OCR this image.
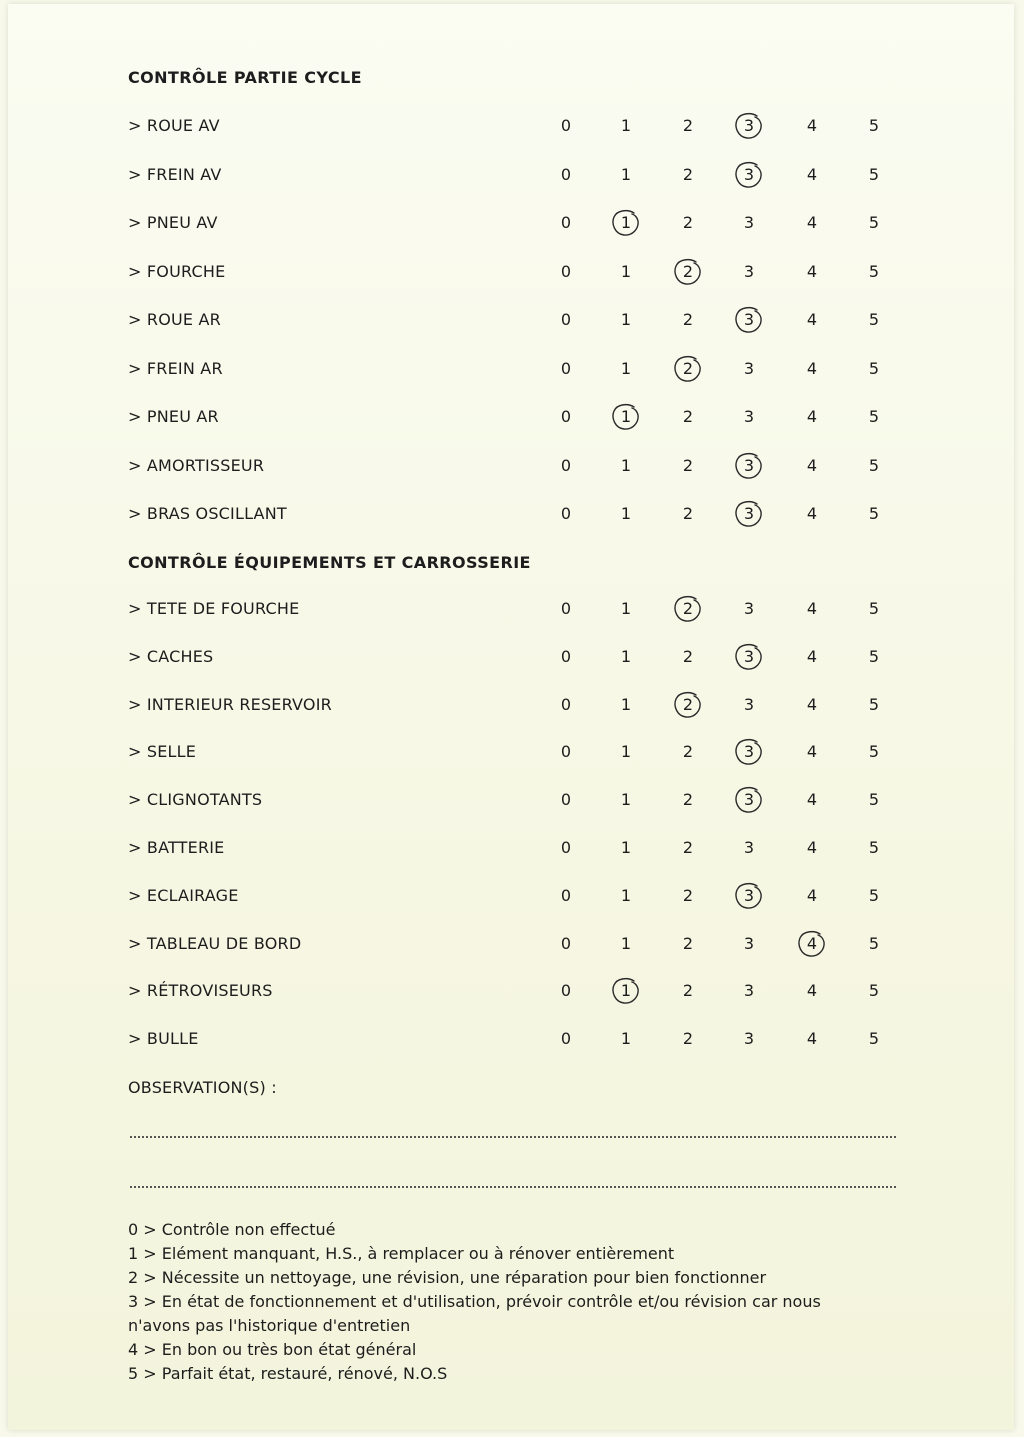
CONTRÔLE PARTIE CYCLE
> ROUE AV	0	1	2	3	4	5
> FREIN AV	0	1	2	3	4	5
> PNEU AV	0	1	2	3	4	5
> FOURCHE	0	1	2	3	4	5
> ROUE AR	0	1	2	3	4	5
> FREIN AR	0	1	2	3	4	5
> PNEU AR	0	1	2	3	4	5
> AMORTISSEUR	0	1	2	3	4	5
> BRAS OSCILLANT	0	1	2	3	4	5
CONTRÔLE ÉQUIPEMENTS ET CARROSSERIE
> TETE DE FOURCHE	0	1	2	3	4	5
> CACHES	0	1	2	3	4	5
> INTERIEUR RESERVOIR	0	1	2	3	4	5
> SELLE	0	1	2	3	4	5
> CLIGNOTANTS	0	1	2	3	4	5
> BATTERIE	0	1	2	3	4	5
> ECLAIRAGE	0	1	2	3	4	5
> TABLEAU DE BORD	0	1	2	3	4	5
> RÉTROVISEURS	0	1	2	3	4	5
> BULLE	0	1	2	3	4	5
OBSERVATION(S) :
0 > Contrôle non effectué
1 > Elément manquant, H.S., à remplacer ou à rénover entièrement
2 > Nécessite un nettoyage, une révision, une réparation pour bien fonctionner
3 > En état de fonctionnement et d'utilisation, prévoir contrôle et/ou révision car nous
n'avons pas l'historique d'entretien
4 > En bon ou très bon état général
5 > Parfait état, restauré, rénové, N.O.S
